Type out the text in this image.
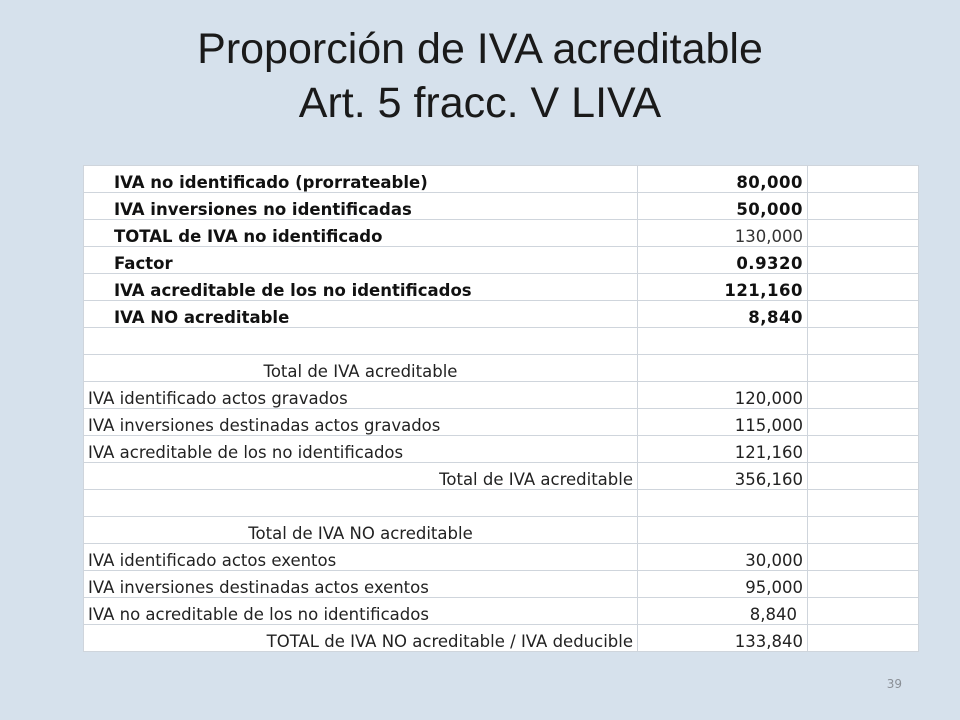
Proporción de IVA acreditable
Art. 5 fracc. V LIVA
IVA no identificado (prorrateable)	80,000	
IVA inversiones no identificadas	50,000	
TOTAL de IVA no identificado	130,000	
Factor	0.9320	
IVA acreditable de los no identificados	121,160	
IVA NO acreditable	8,840	

Total de IVA acreditable		
IVA identificado actos gravados	120,000	
IVA inversiones destinadas actos gravados	115,000	
IVA acreditable de los no identificados	121,160	
Total de IVA acreditable	356,160	

Total de IVA NO acreditable		
IVA identificado actos exentos	30,000	
IVA inversiones destinadas actos exentos	95,000	
IVA no acreditable de los no identificados	8,840	
TOTAL de IVA NO acreditable / IVA deducible	133,840	
39
